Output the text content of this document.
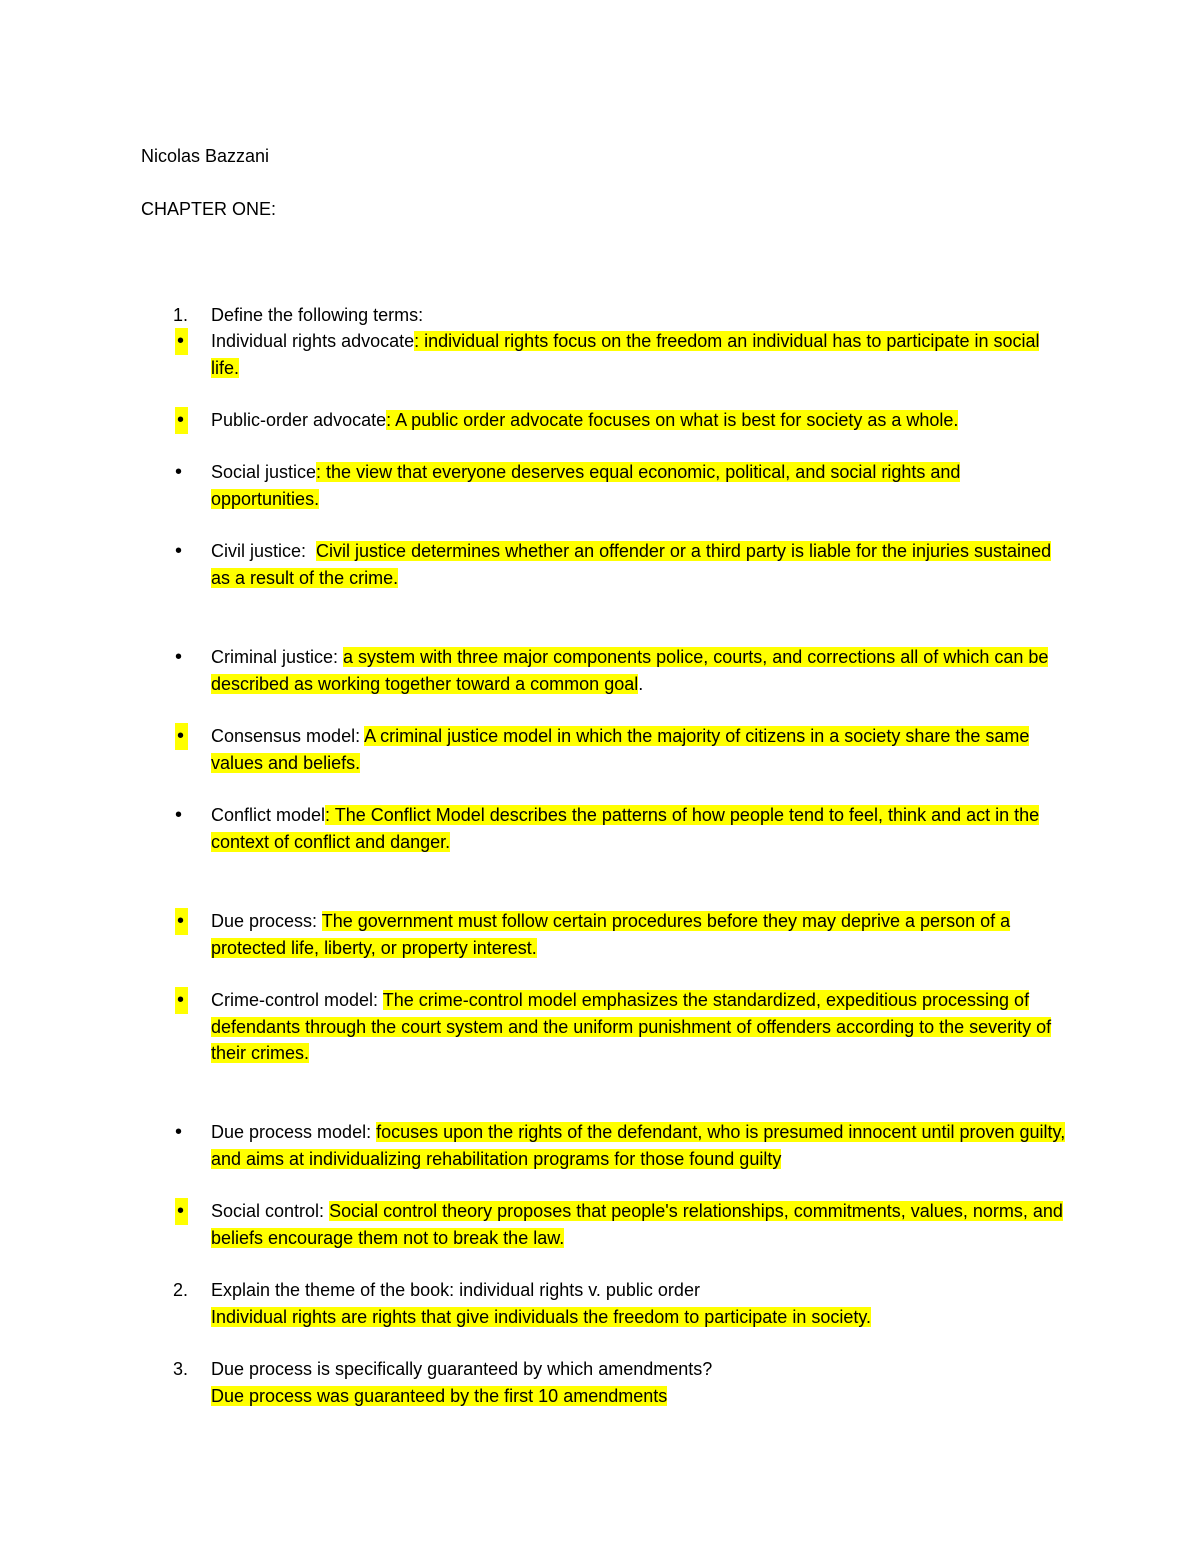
Nicolas Bazzani
CHAPTER ONE:
1. Define the following terms:
• Individual rights advocate: individual rights focus on the freedom an individual has to participate in social life.
• Public-order advocate: A public order advocate focuses on what is best for society as a whole.
• Social justice: the view that everyone deserves equal economic, political, and social rights and opportunities.
• Civil justice: Civil justice determines whether an offender or a third party is liable for the injuries sustained as a result of the crime.
• Criminal justice: a system with three major components police, courts, and corrections all of which can be described as working together toward a common goal.
• Consensus model: A criminal justice model in which the majority of citizens in a society share the same values and beliefs.
• Conflict model: The Conflict Model describes the patterns of how people tend to feel, think and act in the context of conflict and danger.
• Due process: The government must follow certain procedures before they may deprive a person of a protected life, liberty, or property interest.
• Crime-control model: The crime-control model emphasizes the standardized, expeditious processing of defendants through the court system and the uniform punishment of offenders according to the severity of their crimes.
• Due process model: focuses upon the rights of the defendant, who is presumed innocent until proven guilty, and aims at individualizing rehabilitation programs for those found guilty
• Social control: Social control theory proposes that people's relationships, commitments, values, norms, and beliefs encourage them not to break the law.
2. Explain the theme of the book: individual rights v. public order
Individual rights are rights that give individuals the freedom to participate in society.
3. Due process is specifically guaranteed by which amendments?
Due process was guaranteed by the first 10 amendments
